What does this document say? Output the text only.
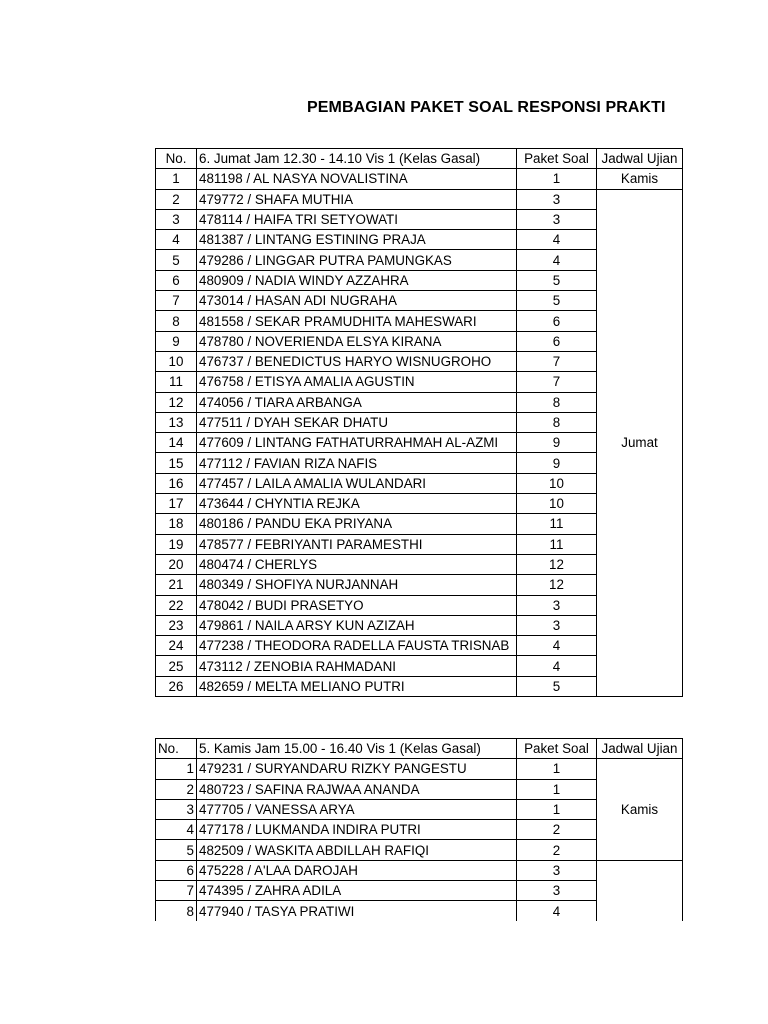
PEMBAGIAN PAKET SOAL RESPONSI PRAKTI
No.	6. Jumat Jam 12.30 - 14.10 Vis 1 (Kelas Gasal)	Paket Soal	Jadwal Ujian
1	481198 / AL NASYA NOVALISTINA	1	Kamis
2	479772 / SHAFA MUTHIA	3	Jumat
3	478114 / HAIFA TRI SETYOWATI	3	
4	481387 / LINTANG ESTINING PRAJA	4	
5	479286 / LINGGAR PUTRA PAMUNGKAS	4	
6	480909 / NADIA WINDY AZZAHRA	5	
7	473014 / HASAN ADI NUGRAHA	5	
8	481558 / SEKAR PRAMUDHITA MAHESWARI	6	
9	478780 / NOVERIENDA ELSYA KIRANA	6	
10	476737 / BENEDICTUS HARYO WISNUGROHO	7	
11	476758 / ETISYA AMALIA AGUSTIN	7	
12	474056 / TIARA ARBANGA	8	
13	477511 / DYAH SEKAR DHATU	8	
14	477609 / LINTANG FATHATURRAHMAH AL-AZMI	9	
15	477112 / FAVIAN RIZA NAFIS	9	
16	477457 / LAILA AMALIA WULANDARI	10	
17	473644 / CHYNTIA REJKA	10	
18	480186 / PANDU EKA PRIYANA	11	
19	478577 / FEBRIYANTI PARAMESTHI	11	
20	480474 / CHERLYS	12	
21	480349 / SHOFIYA NURJANNAH	12	
22	478042 / BUDI PRASETYO	3	
23	479861 / NAILA ARSY KUN AZIZAH	3	
24	477238 / THEODORA RADELLA FAUSTA TRISNAB	4	
25	473112 / ZENOBIA RAHMADANI	4	
26	482659 / MELTA MELIANO PUTRI	5	
No.	5. Kamis Jam 15.00 - 16.40 Vis 1 (Kelas Gasal)	Paket Soal	Jadwal Ujian
1	479231 / SURYANDARU RIZKY PANGESTU	1	Kamis
2	480723 / SAFINA RAJWAA ANANDA	1	
3	477705 / VANESSA ARYA	1	
4	477178 / LUKMANDA INDIRA PUTRI	2	
5	482509 / WASKITA ABDILLAH RAFIQI	2	
6	475228 / A'LAA DAROJAH	3	
7	474395 / ZAHRA ADILA	3	
8	477940 / TASYA PRATIWI	4	
